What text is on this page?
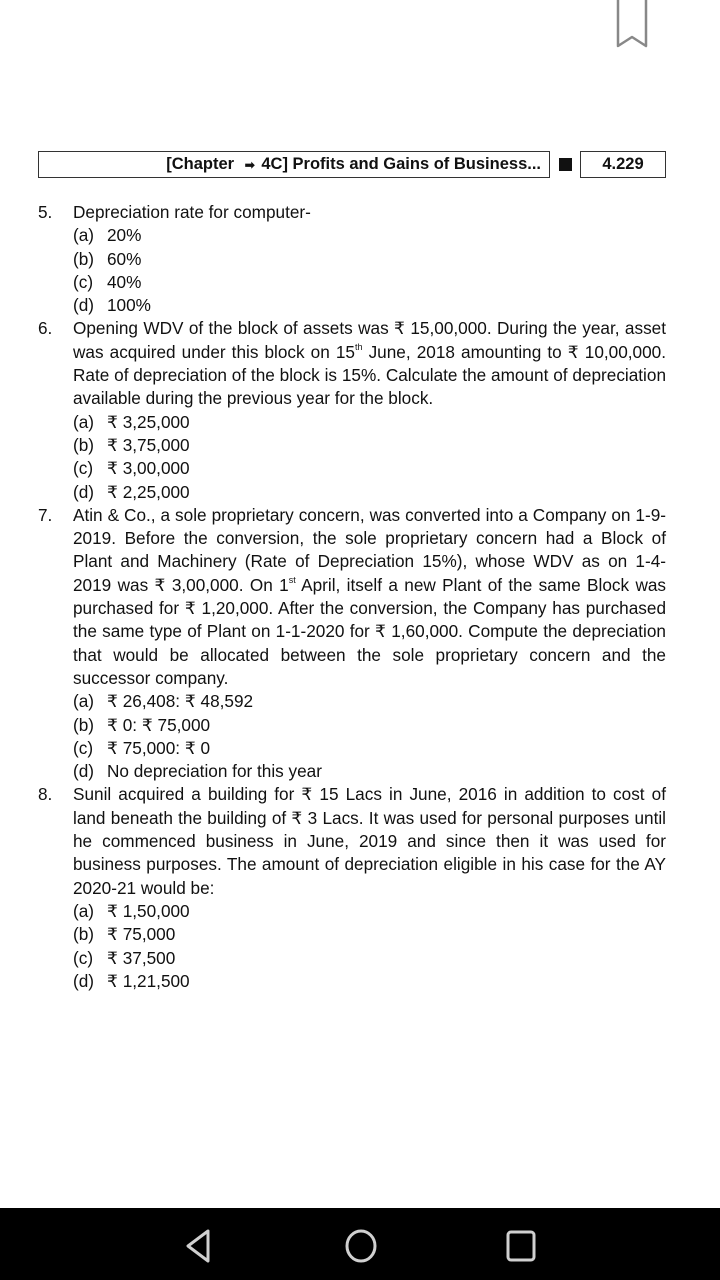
[Chapter ➡ 4C] Profits and Gains of Business...	4.229
5.	Depreciation rate for computer-
(a) 20%
(b) 60%
(c) 40%
(d) 100%
6.	Opening WDV of the block of assets was ₹ 15,00,000. During the year, asset was acquired under this block on 15th June, 2018 amounting to ₹ 10,00,000. Rate of depreciation of the block is 15%. Calculate the amount of depreciation available during the previous year for the block.
(a) ₹ 3,25,000
(b) ₹ 3,75,000
(c) ₹ 3,00,000
(d) ₹ 2,25,000
7.	Atin & Co., a sole proprietary concern, was converted into a Company on 1-9-2019. Before the conversion, the sole proprietary concern had a Block of Plant and Machinery (Rate of Depreciation 15%), whose WDV as on 1-4-2019 was ₹ 3,00,000. On 1st April, itself a new Plant of the same Block was purchased for ₹ 1,20,000. After the conversion, the Company has purchased the same type of Plant on 1-1-2020 for ₹ 1,60,000. Compute the depreciation that would be allocated between the sole proprietary concern and the successor company.
(a) ₹ 26,408: ₹ 48,592
(b) ₹ 0: ₹ 75,000
(c) ₹ 75,000: ₹ 0
(d) No depreciation for this year
8.	Sunil acquired a building for ₹ 15 Lacs in June, 2016 in addition to cost of land beneath the building of ₹ 3 Lacs. It was used for personal purposes until he commenced business in June, 2019 and since then it was used for business purposes. The amount of depreciation eligible in his case for the AY 2020-21 would be:
(a) ₹ 1,50,000
(b) ₹ 75,000
(c) ₹ 37,500
(d) ₹ 1,21,500
